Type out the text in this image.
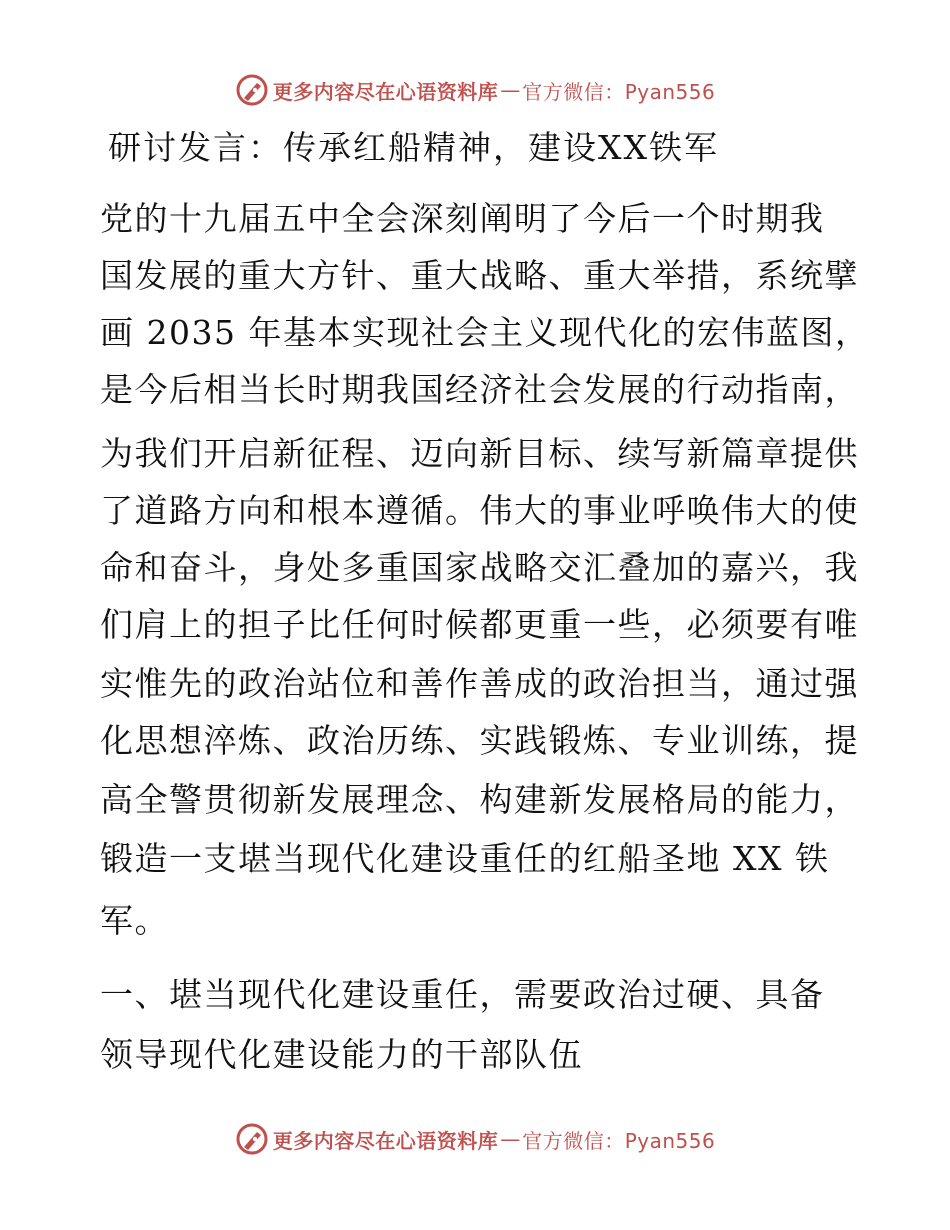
更多内容尽在心语资料库 — 官方微信：Pyan556
研讨发言：传承红船精神，建设XX铁军
党的十九届五中全会深刻阐明了今后一个时期我
国发展的重大方针、重大战略、重大举措，系统擘
画 2035 年基本实现社会主义现代化的宏伟蓝图，
是今后相当长时期我国经济社会发展的行动指南，
为我们开启新征程、迈向新目标、续写新篇章提供
了道路方向和根本遵循。伟大的事业呼唤伟大的使
命和奋斗，身处多重国家战略交汇叠加的嘉兴，我
们肩上的担子比任何时候都更重一些，必须要有唯
实惟先的政治站位和善作善成的政治担当，通过强
化思想淬炼、政治历练、实践锻炼、专业训练，提
高全警贯彻新发展理念、构建新发展格局的能力，
锻造一支堪当现代化建设重任的红船圣地 XX 铁
军。
一、堪当现代化建设重任，需要政治过硬、具备
领导现代化建设能力的干部队伍
更多内容尽在心语资料库 — 官方微信：Pyan556
